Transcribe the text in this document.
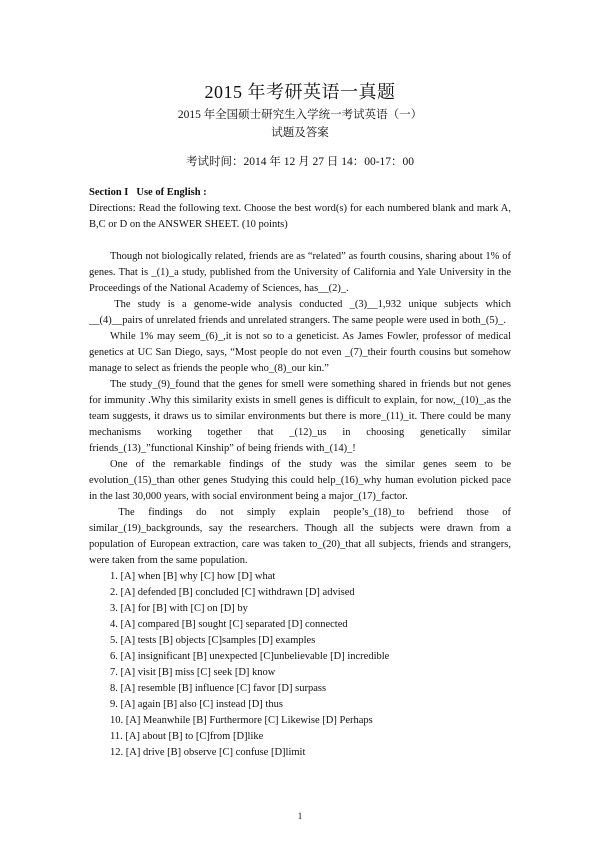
2015 年考研英语一真题

2015 年全国硕士研究生入学统一考试英语（一）

试题及答案

考试时间：2014 年 12 月 27 日 14：00-17：00

Section I Use of English :

Directions: Read the following text. Choose the best word(s) for each numbered blank and mark A, B,C or D on the ANSWER SHEET. (10 points)

Though not biologically related, friends are as “related” as fourth cousins, sharing about 1% of genes. That is _(1)_a study, published from the University of California and Yale University in the Proceedings of the National Academy of Sciences, has__(2)_.

The study is a genome-wide analysis conducted _(3)__1,932 unique subjects which __(4)__pairs of unrelated friends and unrelated strangers. The same people were used in both_(5)_.

While 1% may seem_(6)_,it is not so to a geneticist. As James Fowler, professor of medical genetics at UC San Diego, says, “Most people do not even _(7)_their fourth cousins but somehow manage to select as friends the people who_(8)_our kin.”

The study_(9)_found that the genes for smell were something shared in friends but not genes for immunity .Why this similarity exists in smell genes is difficult to explain, for now,_(10)_,as the team suggests, it draws us to similar environments but there is more_(11)_it. There could be many mechanisms working together that _(12)_us in choosing genetically similar friends_(13)_”functional Kinship” of being friends with_(14)_!

One of the remarkable findings of the study was the similar genes seem to be evolution_(15)_than other genes Studying this could help_(16)_why human evolution picked pace in the last 30,000 years, with social environment being a major_(17)_factor.

The findings do not simply explain people’s_(18)_to befriend those of similar_(19)_backgrounds, say the researchers. Though all the subjects were drawn from a population of European extraction, care was taken to_(20)_that all subjects, friends and strangers, were taken from the same population.

1. [A] when [B] why [C] how [D] what
2. [A] defended [B] concluded [C] withdrawn [D] advised
3. [A] for [B] with [C] on [D] by
4. [A] compared [B] sought [C] separated [D] connected
5. [A] tests [B] objects [C]samples [D] examples
6. [A] insignificant [B] unexpected [C]unbelievable [D] incredible
7. [A] visit [B] miss [C] seek [D] know
8. [A] resemble [B] influence [C] favor [D] surpass
9. [A] again [B] also [C] instead [D] thus
10. [A] Meanwhile [B] Furthermore [C] Likewise [D] Perhaps
11. [A] about [B] to [C]from [D]like
12. [A] drive [B] observe [C] confuse [D]limit

1
